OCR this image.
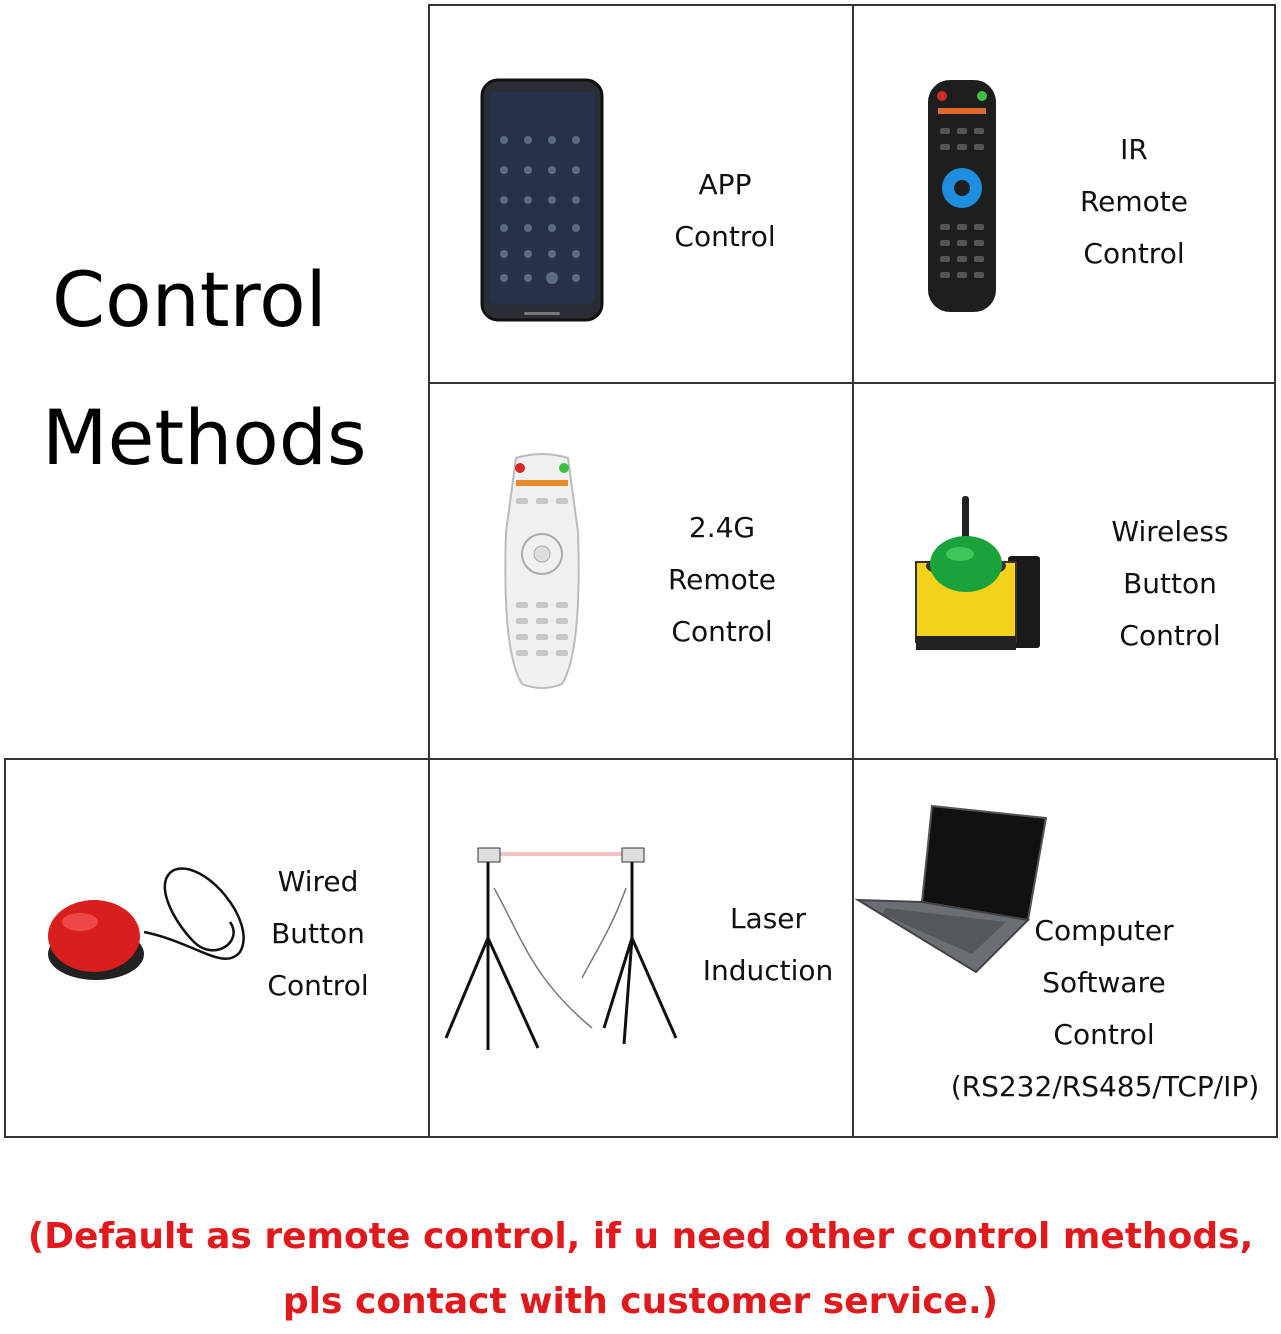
Control
Methods
APP
Control
IR
Remote
Control
2.4G
Remote
Control
Wireless
Button
Control
Wired
Button
Control
Laser
Induction
Computer
Software
Control
(RS232/RS485/TCP/IP)
(Default as remote control, if u need other control methods,
pls contact with customer service.)
